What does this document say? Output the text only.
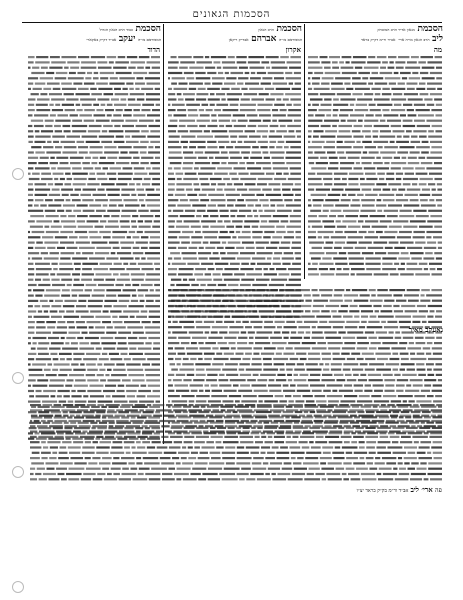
הסכמות הגאונים
הסכמת מגאון אדיר הרב המובהק
ליב הרב הגאון מו״ה ארי׳ אב״ד ור״מ דק״ק בראד
הסכמת הרב הגאון
המפורסם מו״ה אברהם אבד״ק ריקאן
הסכמת כבוד הרב הגאון הגדול
המפורסם מו״ה יעקב אב״ד דק״ק באקארי
מה
אקרון
הדוד
נאעקב מאיר
פה ארי׳ ליב אב״ד ור״מ בק״ק בראד יצ״ו
